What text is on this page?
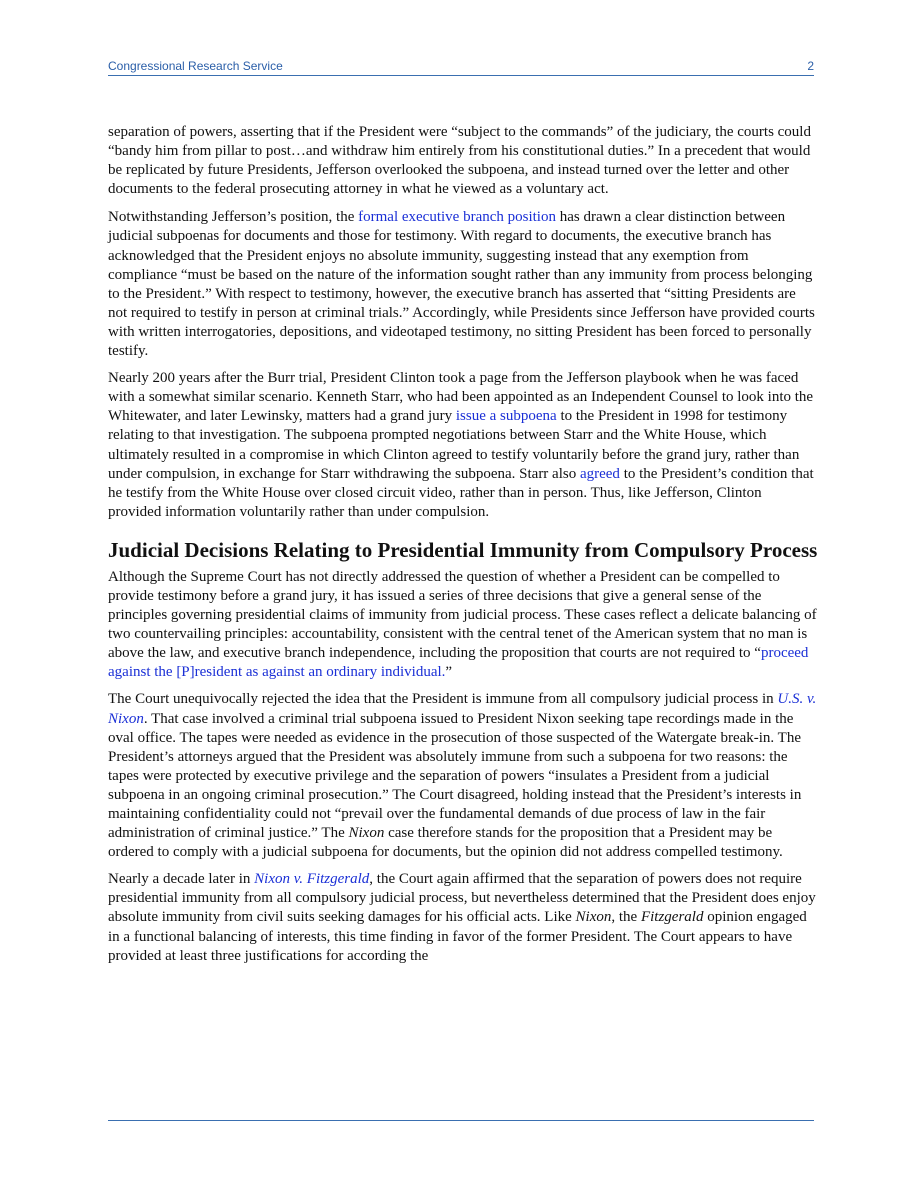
Congressional Research Service	2

separation of powers, asserting that if the President were “subject to the commands” of the judiciary, the courts could “bandy him from pillar to post…and withdraw him entirely from his constitutional duties.” In a precedent that would be replicated by future Presidents, Jefferson overlooked the subpoena, and instead turned over the letter and other documents to the federal prosecuting attorney in what he viewed as a voluntary act.

Notwithstanding Jefferson’s position, the formal executive branch position has drawn a clear distinction between judicial subpoenas for documents and those for testimony. With regard to documents, the executive branch has acknowledged that the President enjoys no absolute immunity, suggesting instead that any exemption from compliance “must be based on the nature of the information sought rather than any immunity from process belonging to the President.” With respect to testimony, however, the executive branch has asserted that “sitting Presidents are not required to testify in person at criminal trials.” Accordingly, while Presidents since Jefferson have provided courts with written interrogatories, depositions, and videotaped testimony, no sitting President has been forced to personally testify.

Nearly 200 years after the Burr trial, President Clinton took a page from the Jefferson playbook when he was faced with a somewhat similar scenario. Kenneth Starr, who had been appointed as an Independent Counsel to look into the Whitewater, and later Lewinsky, matters had a grand jury issue a subpoena to the President in 1998 for testimony relating to that investigation. The subpoena prompted negotiations between Starr and the White House, which ultimately resulted in a compromise in which Clinton agreed to testify voluntarily before the grand jury, rather than under compulsion, in exchange for Starr withdrawing the subpoena. Starr also agreed to the President’s condition that he testify from the White House over closed circuit video, rather than in person. Thus, like Jefferson, Clinton provided information voluntarily rather than under compulsion.

Judicial Decisions Relating to Presidential Immunity from Compulsory Process

Although the Supreme Court has not directly addressed the question of whether a President can be compelled to provide testimony before a grand jury, it has issued a series of three decisions that give a general sense of the principles governing presidential claims of immunity from judicial process. These cases reflect a delicate balancing of two countervailing principles: accountability, consistent with the central tenet of the American system that no man is above the law, and executive branch independence, including the proposition that courts are not required to “proceed against the [P]resident as against an ordinary individual.”

The Court unequivocally rejected the idea that the President is immune from all compulsory judicial process in U.S. v. Nixon. That case involved a criminal trial subpoena issued to President Nixon seeking tape recordings made in the oval office. The tapes were needed as evidence in the prosecution of those suspected of the Watergate break-in. The President’s attorneys argued that the President was absolutely immune from such a subpoena for two reasons: the tapes were protected by executive privilege and the separation of powers “insulates a President from a judicial subpoena in an ongoing criminal prosecution.” The Court disagreed, holding instead that the President’s interests in maintaining confidentiality could not “prevail over the fundamental demands of due process of law in the fair administration of criminal justice.” The Nixon case therefore stands for the proposition that a President may be ordered to comply with a judicial subpoena for documents, but the opinion did not address compelled testimony.

Nearly a decade later in Nixon v. Fitzgerald, the Court again affirmed that the separation of powers does not require presidential immunity from all compulsory judicial process, but nevertheless determined that the President does enjoy absolute immunity from civil suits seeking damages for his official acts. Like Nixon, the Fitzgerald opinion engaged in a functional balancing of interests, this time finding in favor of the former President. The Court appears to have provided at least three justifications for according the
